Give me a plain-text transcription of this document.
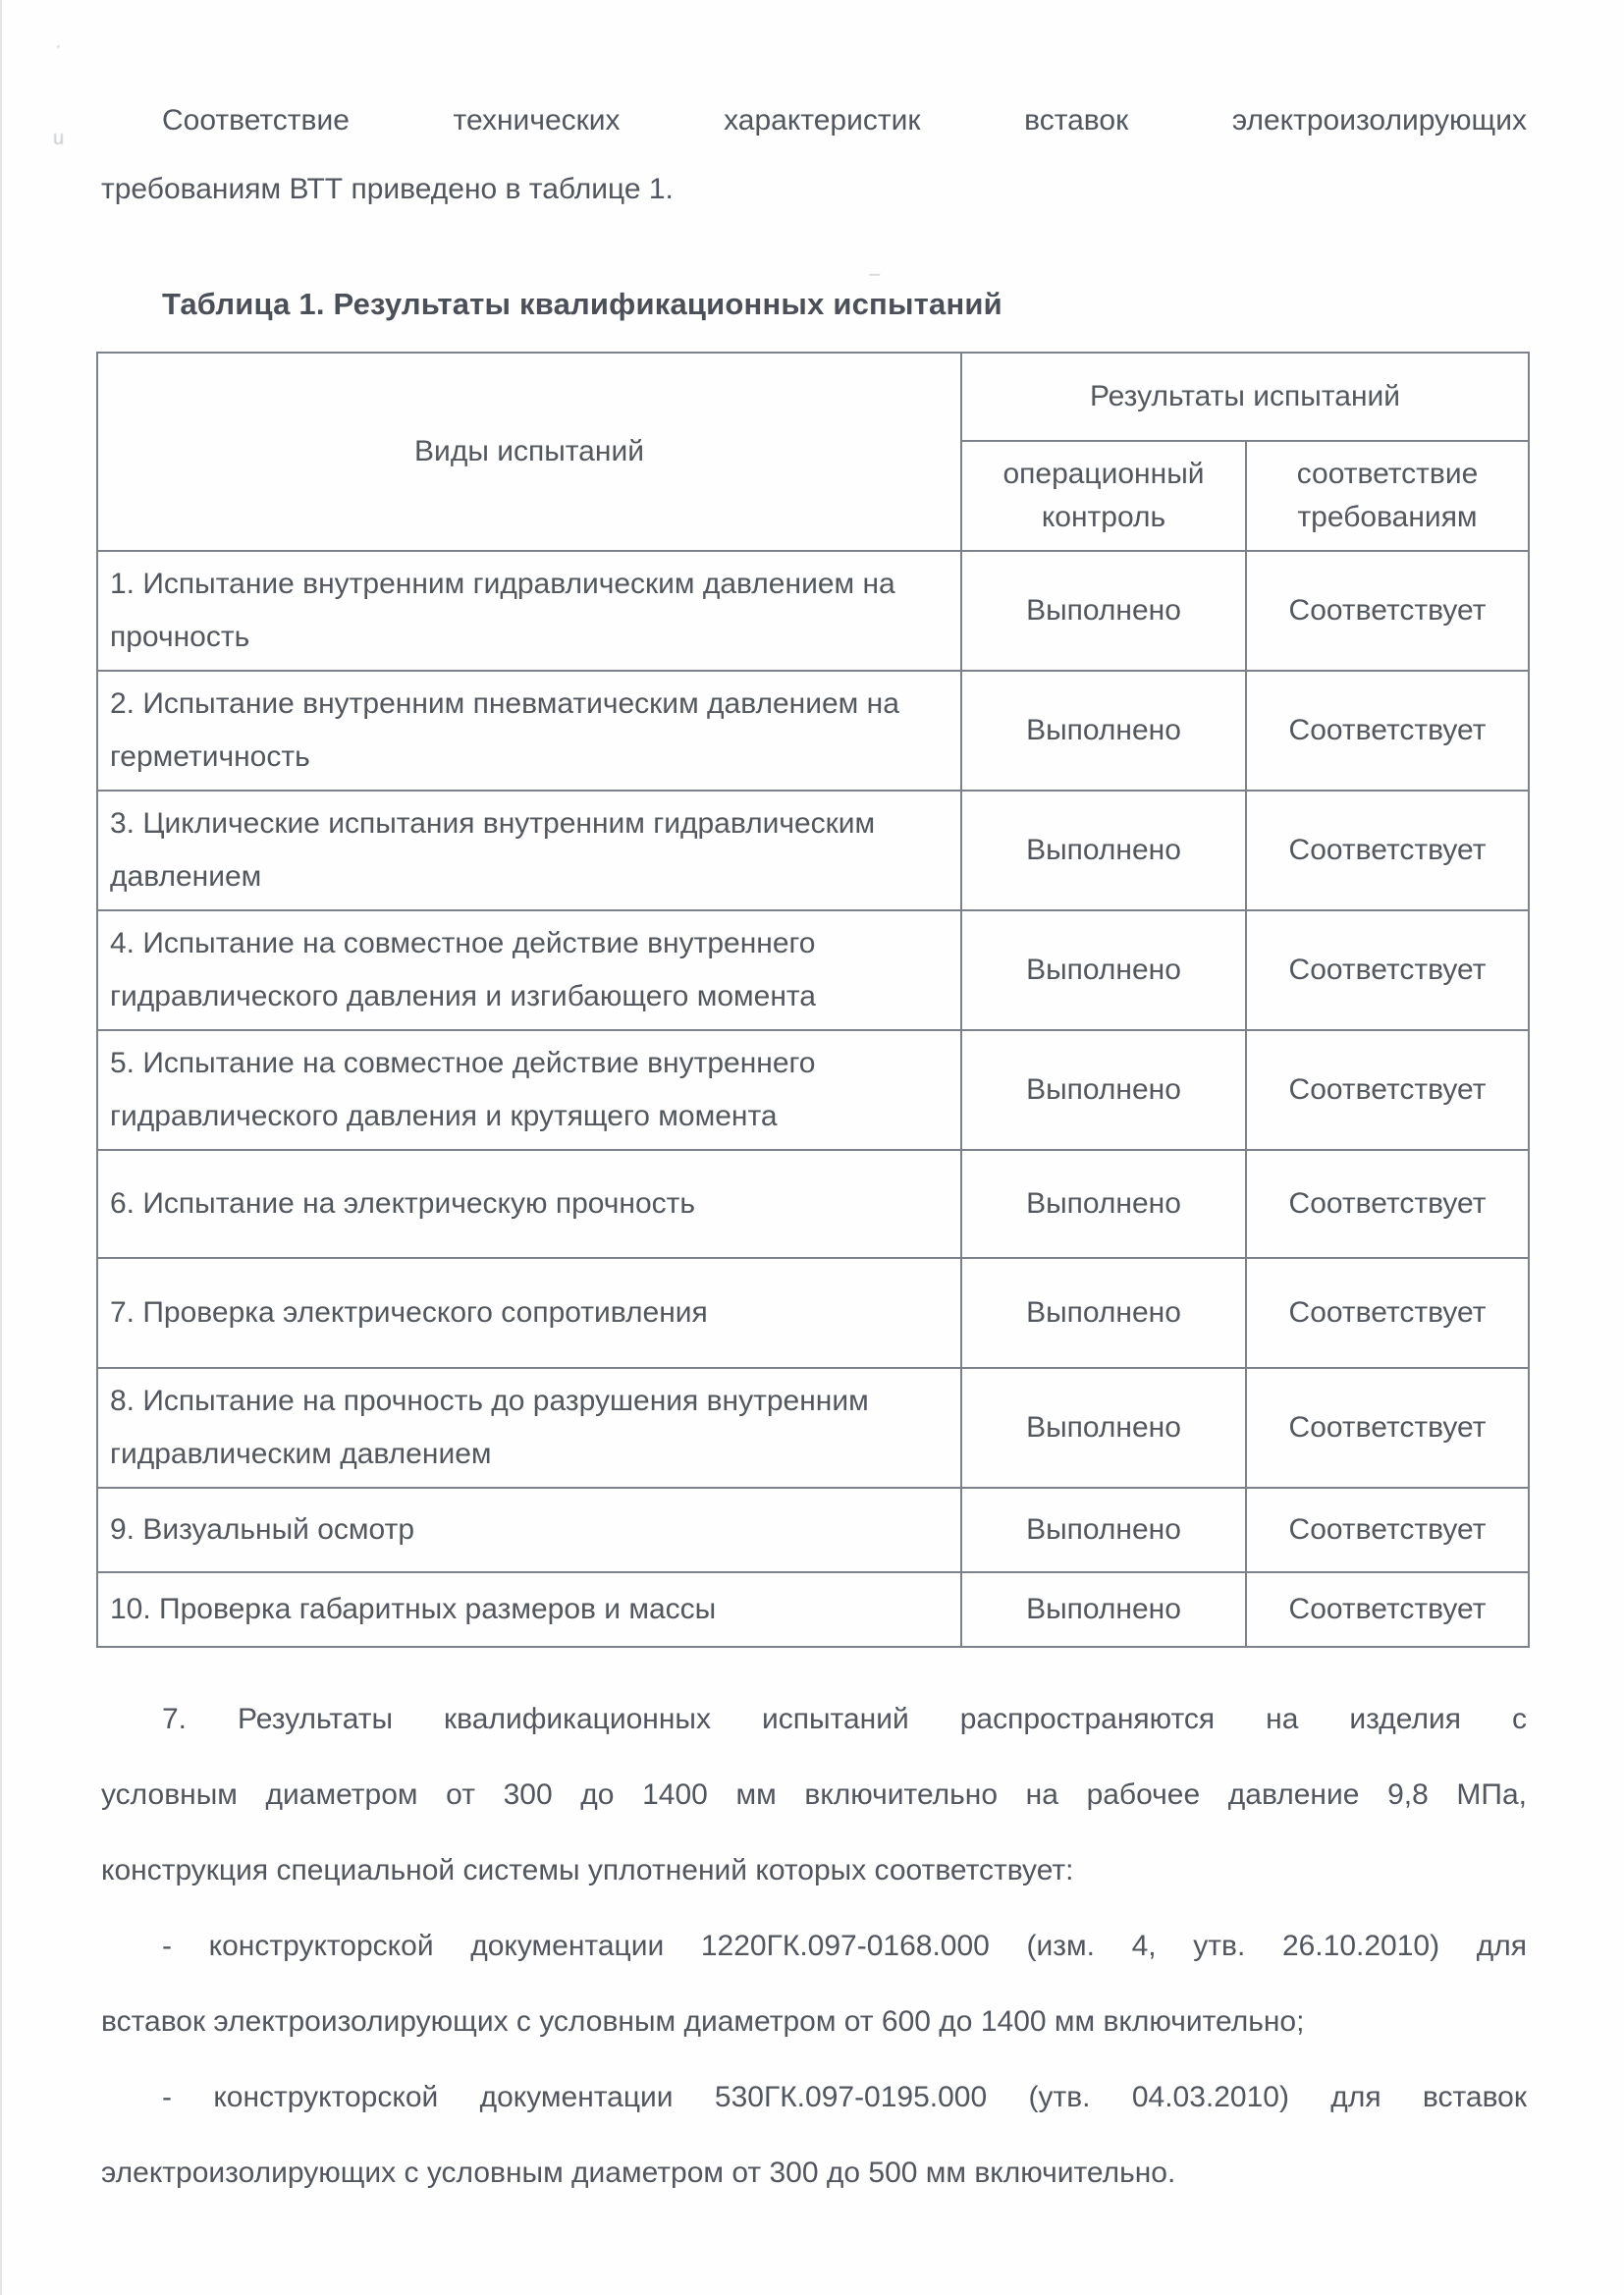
·
u
–
Соответствие технических характеристик вставок электроизолирующих
требованиям ВТТ приведено в таблице 1.
Таблица 1. Результаты квалификационных испытаний
Виды испытаний	Результаты испытаний	
	операционный контроль	соответствие требованиям
1. Испытание внутренним гидравлическим давлением на прочность	Выполнено	Соответствует
2. Испытание внутренним пневматическим давлением на герметичность	Выполнено	Соответствует
3. Циклические испытания внутренним гидравлическим давлением	Выполнено	Соответствует
4. Испытание на совместное действие внутреннего гидравлического давления и изгибающего момента	Выполнено	Соответствует
5. Испытание на совместное действие внутреннего гидравлического давления и крутящего момента	Выполнено	Соответствует
6. Испытание на электрическую прочность	Выполнено	Соответствует
7. Проверка электрического сопротивления	Выполнено	Соответствует
8. Испытание на прочность до разрушения внутренним гидравлическим давлением	Выполнено	Соответствует
9. Визуальный осмотр	Выполнено	Соответствует
10. Проверка габаритных размеров и массы	Выполнено	Соответствует
7. Результаты квалификационных испытаний распространяются на изделия с
условным диаметром от 300 до 1400 мм включительно на рабочее давление 9,8 МПа,
конструкция специальной системы уплотнений которых соответствует:
- конструкторской документации 1220ГК.097-0168.000 (изм. 4, утв. 26.10.2010) для
вставок электроизолирующих с условным диаметром от 600 до 1400 мм включительно;
- конструкторской документации 530ГК.097-0195.000 (утв. 04.03.2010) для вставок
электроизолирующих с условным диаметром от 300 до 500 мм включительно.
